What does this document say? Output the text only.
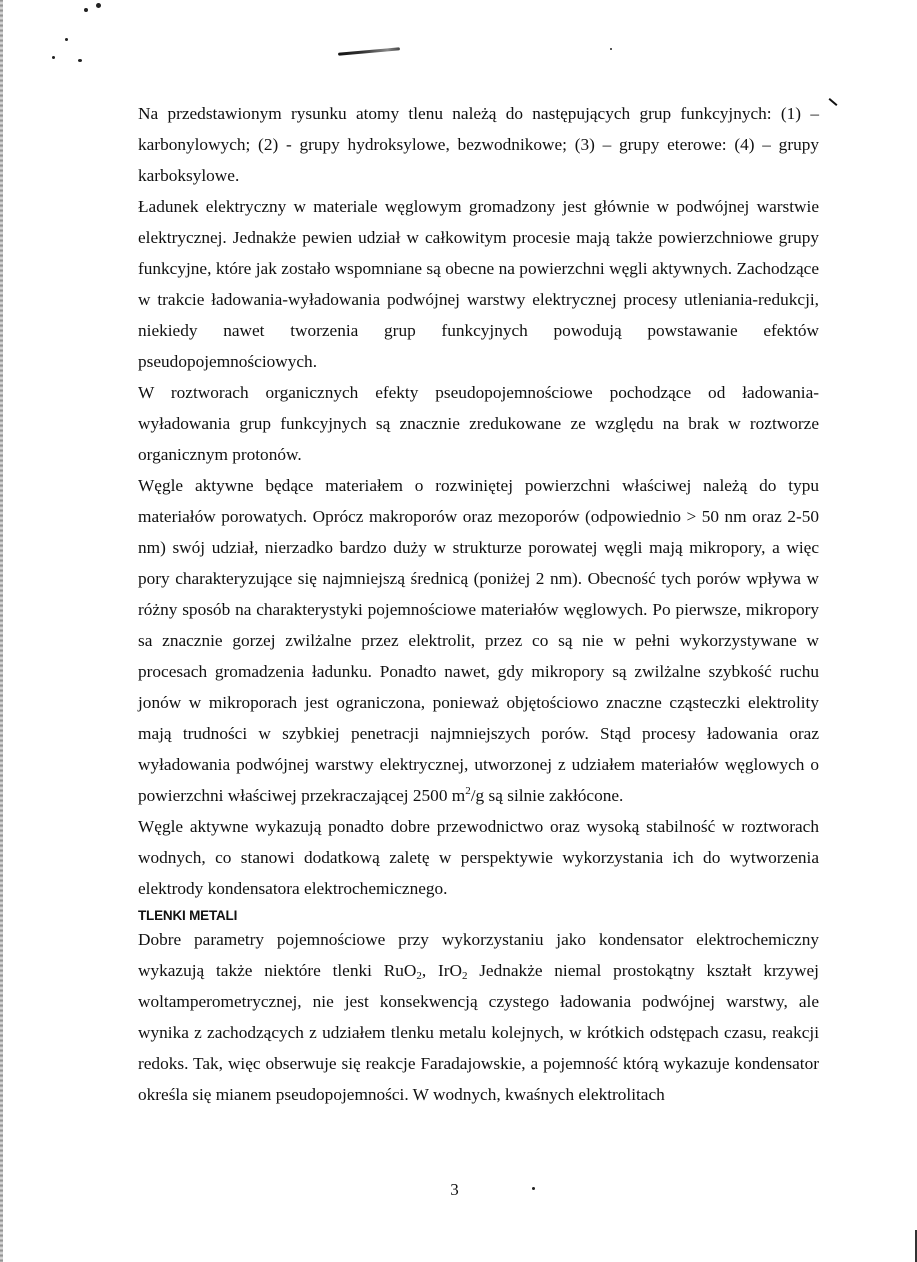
Na przedstawionym rysunku atomy tlenu należą do następujących grup funkcyjnych: (1) – karbonylowych; (2) - grupy hydroksylowe, bezwodnikowe; (3) – grupy eterowe: (4) – grupy karboksylowe.

Ładunek elektryczny w materiale węglowym gromadzony jest głównie w podwójnej warstwie elektrycznej. Jednakże pewien udział w całkowitym procesie mają także powierzchniowe grupy funkcyjne, które jak zostało wspomniane są obecne na powierzchni węgli aktywnych. Zachodzące w trakcie ładowania-wyładowania podwójnej warstwy elektrycznej procesy utleniania-redukcji, niekiedy nawet tworzenia grup funkcyjnych powodują powstawanie efektów pseudopojemnościowych.

W roztworach organicznych efekty pseudopojemnościowe pochodzące od ładowania-wyładowania grup funkcyjnych są znacznie zredukowane ze względu na brak w roztworze organicznym protonów.

Węgle aktywne będące materiałem o rozwiniętej powierzchni właściwej należą do typu materiałów porowatych. Oprócz makroporów oraz mezoporów (odpowiednio > 50 nm oraz 2-50 nm) swój udział, nierzadko bardzo duży w strukturze porowatej węgli mają mikropory, a więc pory charakteryzujące się najmniejszą średnicą (poniżej 2 nm). Obecność tych porów wpływa w różny sposób na charakterystyki pojemnościowe materiałów węglowych. Po pierwsze, mikropory sa znacznie gorzej zwilżalne przez elektrolit, przez co są nie w pełni wykorzystywane w procesach gromadzenia ładunku. Ponadto nawet, gdy mikropory są zwilżalne szybkość ruchu jonów w mikroporach jest ograniczona, ponieważ objętościowo znaczne cząsteczki elektrolity mają trudności w szybkiej penetracji najmniejszych porów. Stąd procesy ładowania oraz wyładowania podwójnej warstwy elektrycznej, utworzonej z udziałem materiałów węglowych o powierzchni właściwej przekraczającej 2500 $m^2/g$ są silnie zakłócone.

Węgle aktywne wykazują ponadto dobre przewodnictwo oraz wysoką stabilność w roztworach wodnych, co stanowi dodatkową zaletę w perspektywie wykorzystania ich do wytworzenia elektrody kondensatora elektrochemicznego.

TLENKI METALI

Dobre parametry pojemnościowe przy wykorzystaniu jako kondensator elektrochemiczny wykazują także niektóre tlenki RuO$_2$, IrO$_2$ Jednakże niemal prostokątny kształt krzywej woltamperometrycznej, nie jest konsekwencją czystego ładowania podwójnej warstwy, ale wynika z zachodzących z udziałem tlenku metalu kolejnych, w krótkich odstępach czasu, reakcji redoks. Tak, więc obserwuje się reakcje Faradajowskie, a pojemność którą wykazuje kondensator określa się mianem pseudopojemności. W wodnych, kwaśnych elektrolitach

3
